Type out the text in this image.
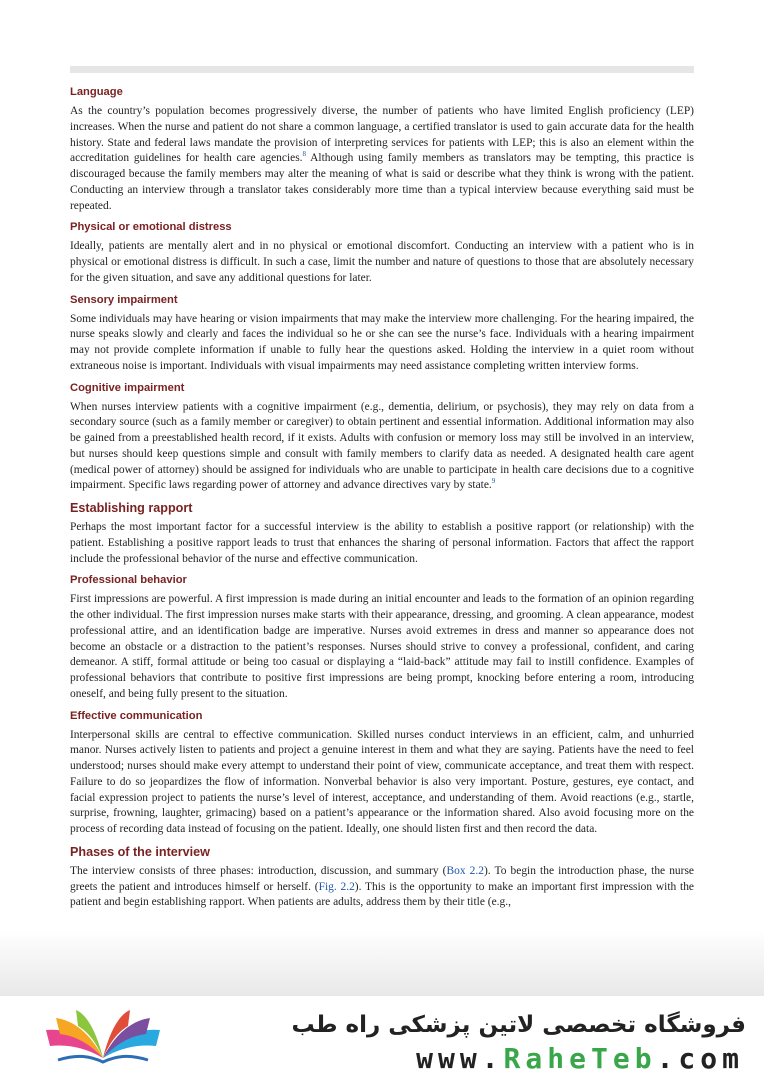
Language

As the country’s population becomes progressively diverse, the number of patients who have limited English proficiency (LEP) increases. When the nurse and patient do not share a common language, a certified translator is used to gain accurate data for the health history. State and federal laws mandate the provision of interpreting services for patients with LEP; this is also an element within the accreditation guidelines for health care agencies.$^8$ Although using family members as translators may be tempting, this practice is discouraged because the family members may alter the meaning of what is said or describe what they think is wrong with the patient. Conducting an interview through a translator takes considerably more time than a typical interview because everything said must be repeated.

Physical or emotional distress

Ideally, patients are mentally alert and in no physical or emotional discomfort. Conducting an interview with a patient who is in physical or emotional distress is difficult. In such a case, limit the number and nature of questions to those that are absolutely necessary for the given situation, and save any additional questions for later.

Sensory impairment

Some individuals may have hearing or vision impairments that may make the interview more challenging. For the hearing impaired, the nurse speaks slowly and clearly and faces the individual so he or she can see the nurse’s face. Individuals with a hearing impairment may not provide complete information if unable to fully hear the questions asked. Holding the interview in a quiet room without extraneous noise is important. Individuals with visual impairments may need assistance completing written interview forms.

Cognitive impairment

When nurses interview patients with a cognitive impairment (e.g., dementia, delirium, or psychosis), they may rely on data from a secondary source (such as a family member or caregiver) to obtain pertinent and essential information. Additional information may also be gained from a preestablished health record, if it exists. Adults with confusion or memory loss may still be involved in an interview, but nurses should keep questions simple and consult with family members to clarify data as needed. A designated health care agent (medical power of attorney) should be assigned for individuals who are unable to participate in health care decisions due to a cognitive impairment. Specific laws regarding power of attorney and advance directives vary by state.$^9$

Establishing rapport

Perhaps the most important factor for a successful interview is the ability to establish a positive rapport (or relationship) with the patient. Establishing a positive rapport leads to trust that enhances the sharing of personal information. Factors that affect the rapport include the professional behavior of the nurse and effective communication.

Professional behavior

First impressions are powerful. A first impression is made during an initial encounter and leads to the formation of an opinion regarding the other individual. The first impression nurses make starts with their appearance, dressing, and grooming. A clean appearance, modest professional attire, and an identification badge are imperative. Nurses avoid extremes in dress and manner so appearance does not become an obstacle or a distraction to the patient’s responses. Nurses should strive to convey a professional, confident, and caring demeanor. A stiff, formal attitude or being too casual or displaying a “laid-back” attitude may fail to instill confidence. Examples of professional behaviors that contribute to positive first impressions are being prompt, knocking before entering a room, introducing oneself, and being fully present to the situation.

Effective communication

Interpersonal skills are central to effective communication. Skilled nurses conduct interviews in an efficient, calm, and unhurried manor. Nurses actively listen to patients and project a genuine interest in them and what they are saying. Patients have the need to feel understood; nurses should make every attempt to understand their point of view, communicate acceptance, and treat them with respect. Failure to do so jeopardizes the flow of information. Nonverbal behavior is also very important. Posture, gestures, eye contact, and facial expression project to patients the nurse’s level of interest, acceptance, and understanding of them. Avoid reactions (e.g., startle, surprise, frowning, laughter, grimacing) based on a patient’s appearance or the information shared. Also avoid focusing more on the process of recording data instead of focusing on the patient. Ideally, one should listen first and then record the data.

Phases of the interview

The interview consists of three phases: introduction, discussion, and summary (Box 2.2). To begin the introduction phase, the nurse greets the patient and introduces himself or herself. (Fig. 2.2). This is the opportunity to make an important first impression with the patient and begin establishing rapport. When patients are adults, address them by their title (e.g.,

فروشگاه تخصصی لاتین پزشکی راه طب
www.RaheTeb.com
